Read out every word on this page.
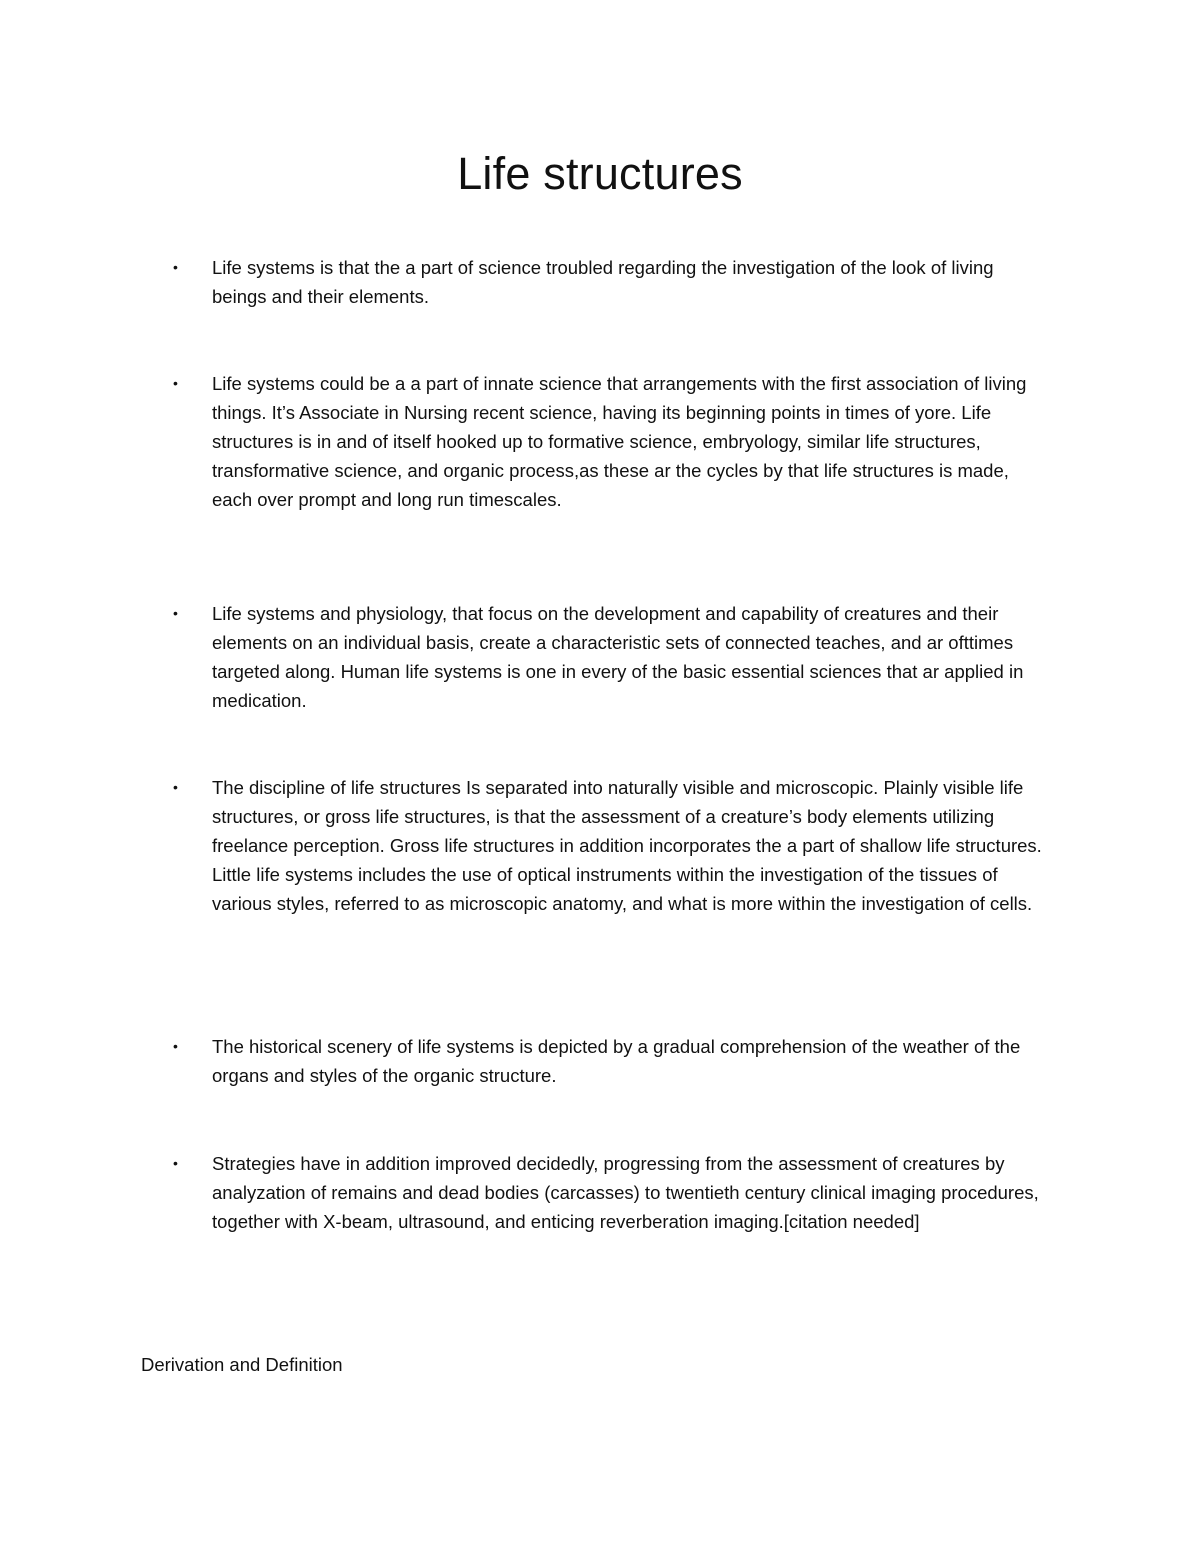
Life structures
•	Life systems is that the a part of science troubled regarding the investigation of the look of living beings and their elements.
•	Life systems could be a a part of innate science that arrangements with the first association of living things. It’s Associate in Nursing recent science, having its beginning points in times of yore. Life structures is in and of itself hooked up to formative science, embryology, similar life structures, transformative science, and organic process,as these ar the cycles by that life structures is made, each over prompt and long run timescales.
•	Life systems and physiology, that focus on the development and capability of creatures and their elements on an individual basis, create a characteristic sets of connected teaches, and ar ofttimes targeted along. Human life systems is one in every of the basic essential sciences that ar applied in medication.
•	The discipline of life structures Is separated into naturally visible and microscopic. Plainly visible life structures, or gross life structures, is that the assessment of a creature’s body elements utilizing freelance perception. Gross life structures in addition incorporates the a part of shallow life structures. Little life systems includes the use of optical instruments within the investigation of the tissues of various styles, referred to as microscopic anatomy, and what is more within the investigation of cells.
•	The historical scenery of life systems is depicted by a gradual comprehension of the weather of the organs and styles of the organic structure.
•	Strategies have in addition improved decidedly, progressing from the assessment of creatures by analyzation of remains and dead bodies (carcasses) to twentieth century clinical imaging procedures, together with X-beam, ultrasound, and enticing reverberation imaging.[citation needed]

Derivation and Definition
